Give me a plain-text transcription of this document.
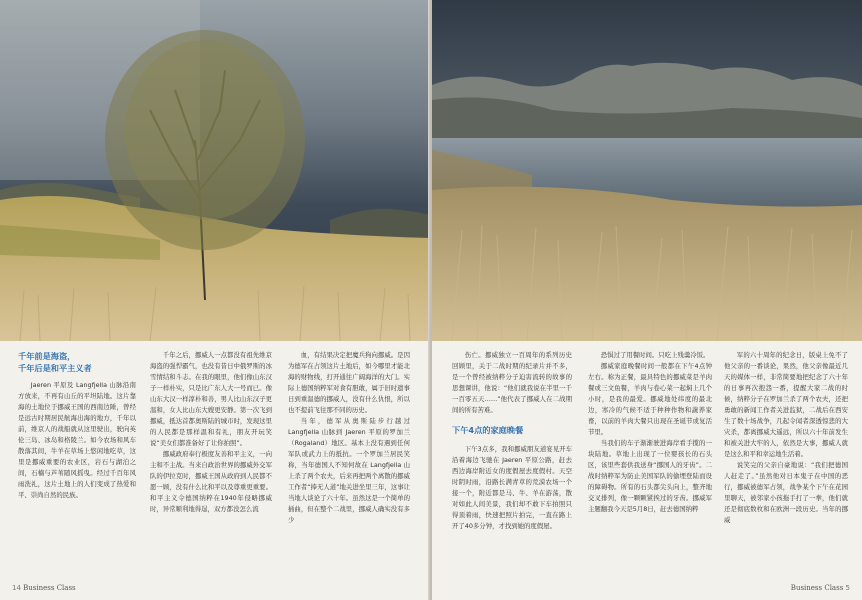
千年前是海盗，
千年后是和平主义者

Jaeren 平原及 Langfjella 山脉沿南方放来，不再有山丘的平坦陆地。这片靠海的土地位于挪威王国的西南边陲，曾经是远古时期居民航海出海的地方，千年以前，维京人的战船就从这里驶出，驶向英伦三岛、冰岛和格陵兰。如今农场和风车散落其间，牛羊在草场上悠闲地吃草，这里是挪威重要的农业区，岩石与湖泊之间，石楠与芦苇随风摇曳。经过千百年风雨洗礼，这片土地上的人们变成了热爱和平、崇尚自然的民族。

千年之后，挪威人一点都没有祖先维京海盗的强悍霸气，也没有昔日中俄罗斯的冰雪情结和斗志。在我的眼里，他们像山东汉子一样朴实，只是比广东人大一号而已。像山东大汉一样淳朴和善，男人比山东汉子更温和，女人比山东大嫂更安静。第一次飞到挪威，抵达首都奥斯陆的城市时，发现这里的人民都是那样温和有礼，朋友开玩笑说“美女们都准备好了让你拍照”。

挪威政府奉行极度友善和平主义，一向主和不主战。当来自政治世界的挪威外交军队的伊拉克时，挪威王国从政府到人民都不愿一顾，没有什么比和平以及尊重更重要。和平主义令德国纳粹在1940年侵略挪威时，异常顺利地得逞，双方都没怎么流

血，有结果决定把魔兵狗向挪威。是因为德军在占领这片土地后，如今哪里才能北海的财物线，打开通往广阔海洋的大门。实际上德国纳粹军对食有胆敢，属于旧时遗事日到重温德的挪威人，没有什么仇恨，所以也不提前飞往那不同的历史。

当年，德军从奥斯陆步行越过Langfjella 山脉到 Jaeren 平原的罗加兰（Rogaland）地区。基本上没有遇到任何军队或武力上的抵抗。一个罗加兰居民笑称，当年德国人不知何故在 Langfjella 山上杀了两个农夫，后来再把两个离散的挪威工作者“捧无人道”地关进坐里三年，这事让当地人谈论了六十年。虽然这是一个简单的插曲，但在整个二战里，挪威人确实没有多少

14 Business Class

伤亡。挪威独立一百周年的系列历史回顾里，关于二战时期的纪录片并不多，是一个曾经被纳粹分子迫害流转的故事的思想课讲，他说：“他们就我说在半里一千一百零五天……”他代表了挪威人在二战期间的所有苦难。

下午4点的家庭晚餐

下午3点多，我和挪威朋友道宴见开车沿着海边飞驰在 Jaeren 平原公路，赶去西边海岸附近女的度假屋去度假村。天空时阴时雨，沿路长满青草的荒漠农场一个接一个，附近都是马、牛、羊在游荡，散对如此人间美景，我们却不敢下车拍照只得顶着雨，快速把照片拍完，一直在路上开了40多分钟，才找到她的度假屋。

恐惧过了用餐时间。只吃上残羹冷饭。

挪威家庭晚餐时间一般都在下午4点钟左右。称为正餐，最具特色的挪威菜是羊肉餐或三文鱼餐，羊肉与卷心菜一起焖上几个小时，是我的最爱。挪威地处纬度的最北边，寒冷的气候不适于种种作物和蔬养家畜，以前的羊肉大餐只出现在圣诞节或复活节里。

当我们的车子渐渐驶进海岸看手揽的一块陆地。草地上出现了一位婴孩长的石头区，该里些套供我送身“挪国人的牙齿”。二战时纳粹军为防止美国军队的偷埋登陆而设的障碍物。所有的石头都尖头向上，整齐地交叉排列，像一颗颗紧挨过的牙齿。挪威军主题翻我今天是5月8日，赶去德国纳粹

军的六十周年的纪念日，版桌上免不了他父亲的一番谈论，果然，他父亲像最近几天的媒体一样，非常简要地把纪念了六十年的日事再次抱怨一番，提醒大家二战的时候，纳粹分子在罗加兰杀了两个农夫，还把勇敢的新闻工作者关进监狱，二战后在西安生了数十场战争，几起令闻者深透惊悲的大灾杀，都离挪威大遥远，所以六十年前发生和被关进大牢的人，依然是大事，挪威人就是这么和平和幸运地生活着。

说笑完的父亲自豪地说：“我们把德国人赶走了。”虽然他对日本鬼子在中国的恶行，挪威被德军占领，战争某个下午在花园里聊天，被邻家小孩拖手打了一拳，他们就还是彻底数枚和在欧洲一段历史。当年的挪威

Business Class 5
